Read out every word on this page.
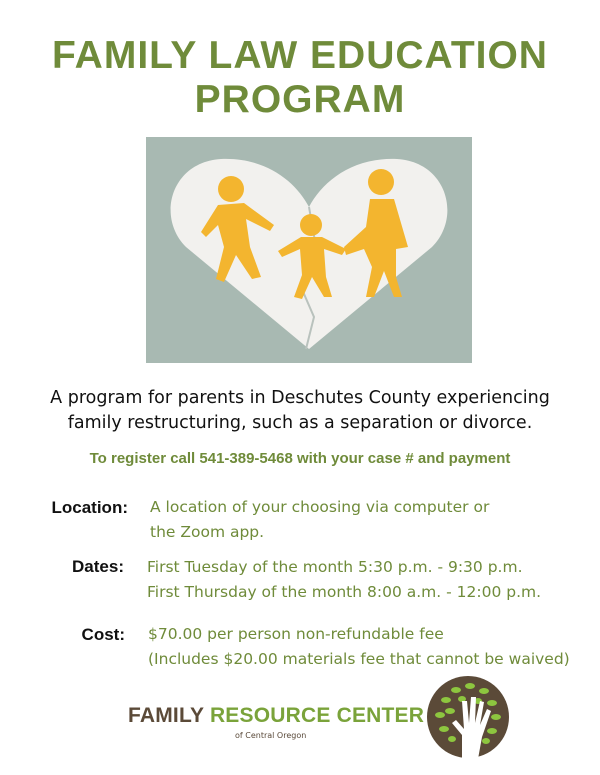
FAMILY LAW EDUCATION
PROGRAM
A program for parents in Deschutes County experiencing
family restructuring, such as a separation or divorce.
To register call 541-389-5468 with your case # and payment
Location: A location of your choosing via computer or
the Zoom app.
Dates: First Tuesday of the month 5:30 p.m. - 9:30 p.m.
First Thursday of the month 8:00 a.m. - 12:00 p.m.
Cost: $70.00 per person non-refundable fee
(Includes $20.00 materials fee that cannot be waived)
FAMILY RESOURCE CENTER
of Central Oregon
